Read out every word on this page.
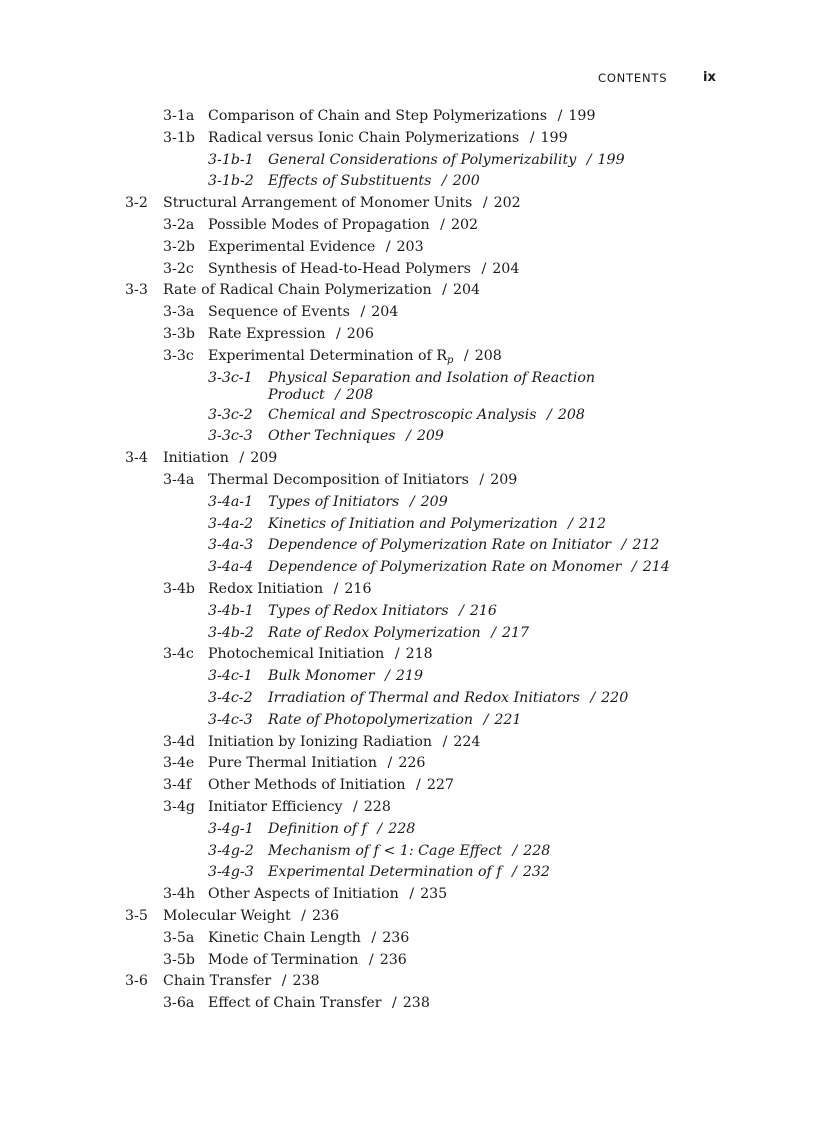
CONTENTS	ix
3-1a Comparison of Chain and Step Polymerizations / 199
3-1b Radical versus Ionic Chain Polymerizations / 199
3-1b-1 General Considerations of Polymerizability / 199
3-1b-2 Effects of Substituents / 200
3-2 Structural Arrangement of Monomer Units / 202
3-2a Possible Modes of Propagation / 202
3-2b Experimental Evidence / 203
3-2c Synthesis of Head-to-Head Polymers / 204
3-3 Rate of Radical Chain Polymerization / 204
3-3a Sequence of Events / 204
3-3b Rate Expression / 206
3-3c Experimental Determination of $R_p / 208$
3-3c-1 Physical Separation and Isolation of Reaction
Product / 208
3-3c-2 Chemical and Spectroscopic Analysis / 208
3-3c-3 Other Techniques / 209
3-4 Initiation / 209
3-4a Thermal Decomposition of Initiators / 209
3-4a-1 Types of Initiators / 209
3-4a-2 Kinetics of Initiation and Polymerization / 212
3-4a-3 Dependence of Polymerization Rate on Initiator / 212
3-4a-4 Dependence of Polymerization Rate on Monomer / 214
3-4b Redox Initiation / 216
3-4b-1 Types of Redox Initiators / 216
3-4b-2 Rate of Redox Polymerization / 217
3-4c Photochemical Initiation / 218
3-4c-1 Bulk Monomer / 219
3-4c-2 Irradiation of Thermal and Redox Initiators / 220
3-4c-3 Rate of Photopolymerization / 221
3-4d Initiation by Ionizing Radiation / 224
3-4e Pure Thermal Initiation / 226
3-4f Other Methods of Initiation / 227
3-4g Initiator Efficiency / 228
3-4g-1 Definition of f / 228
3-4g-2 Mechanism of f < 1: Cage Effect / 228
3-4g-3 Experimental Determination of f / 232
3-4h Other Aspects of Initiation / 235
3-5 Molecular Weight / 236
3-5a Kinetic Chain Length / 236
3-5b Mode of Termination / 236
3-6 Chain Transfer / 238
3-6a Effect of Chain Transfer / 238
